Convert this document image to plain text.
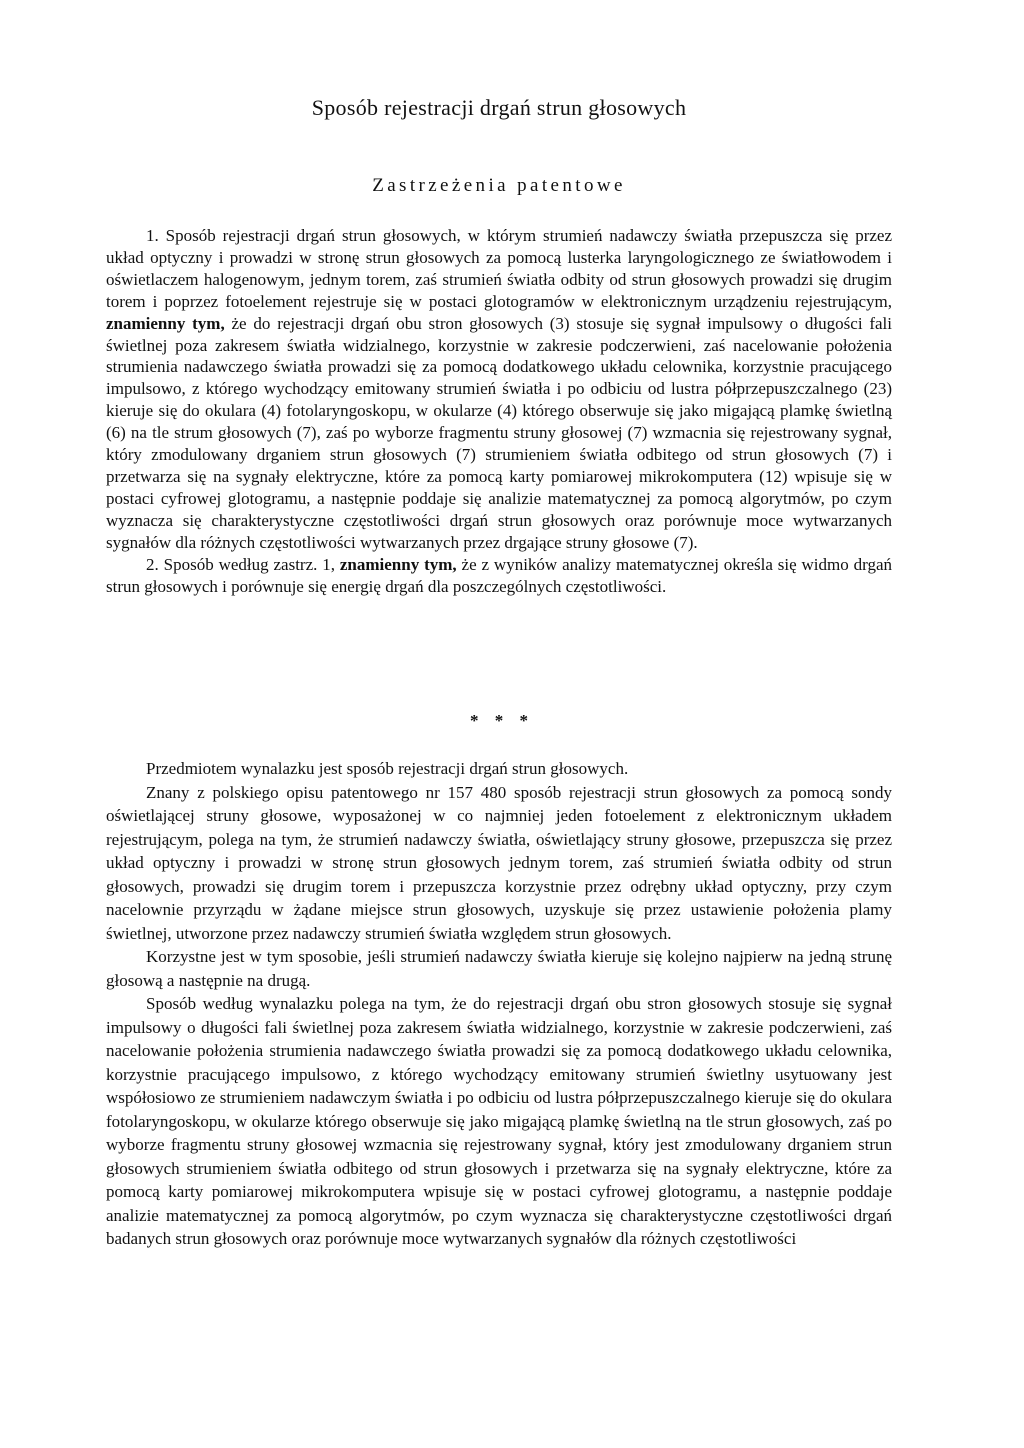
Sposób rejestracji drgań strun głosowych
Zastrzeżenia patentowe

1. Sposób rejestracji drgań strun głosowych, w którym strumień nadawczy światła przepuszcza się przez układ optyczny i prowadzi w stronę strun głosowych za pomocą lusterka laryngologicznego ze światłowodem i oświetlaczem halogenowym, jednym torem, zaś strumień światła odbity od strun głosowych prowadzi się drugim torem i poprzez fotoelement rejestruje się w postaci glotogramów w elektronicznym urządzeniu rejestrującym, znamienny tym, że do rejestracji drgań obu stron głosowych (3) stosuje się sygnał impulsowy o długości fali świetlnej poza zakresem światła widzialnego, korzystnie w zakresie podczerwieni, zaś nacelowanie położenia strumienia nadawczego światła prowadzi się za pomocą dodatkowego układu celownika, korzystnie pracującego impulsowo, z którego wychodzący emitowany strumień światła i po odbiciu od lustra półprzepuszczalnego (23) kieruje się do okulara (4) fotolaryngoskopu, w okularze (4) którego obserwuje się jako migającą plamkę świetlną (6) na tle strum głosowych (7), zaś po wyborze fragmentu struny głosowej (7) wzmacnia się rejestrowany sygnał, który zmodulowany drganiem strun głosowych (7) strumieniem światła odbitego od strun głosowych (7) i przetwarza się na sygnały elektryczne, które za pomocą karty pomiarowej mikrokomputera (12) wpisuje się w postaci cyfrowej glotogramu, a następnie poddaje się analizie matematycznej za pomocą algorytmów, po czym wyznacza się charakterystyczne częstotliwości drgań strun głosowych oraz porównuje moce wytwarzanych sygnałów dla różnych częstotliwości wytwarzanych przez drgające struny głosowe (7).

2. Sposób według zastrz. 1, znamienny tym, że z wyników analizy matematycznej określa się widmo drgań strun głosowych i porównuje się energię drgań dla poszczególnych częstotliwości.

* * *

Przedmiotem wynalazku jest sposób rejestracji drgań strun głosowych.

Znany z polskiego opisu patentowego nr 157 480 sposób rejestracji strun głosowych za pomocą sondy oświetlającej struny głosowe, wyposażonej w co najmniej jeden fotoelement z elektronicznym układem rejestrującym, polega na tym, że strumień nadawczy światła, oświetlający struny głosowe, przepuszcza się przez układ optyczny i prowadzi w stronę strun głosowych jednym torem, zaś strumień światła odbity od strun głosowych, prowadzi się drugim torem i przepuszcza korzystnie przez odrębny układ optyczny, przy czym nacelownie przyrządu w żądane miejsce strun głosowych, uzyskuje się przez ustawienie położenia plamy świetlnej, utworzone przez nadawczy strumień światła względem strun głosowych.

Korzystne jest w tym sposobie, jeśli strumień nadawczy światła kieruje się kolejno najpierw na jedną strunę głosową a następnie na drugą.

Sposób według wynalazku polega na tym, że do rejestracji drgań obu stron głosowych stosuje się sygnał impulsowy o długości fali świetlnej poza zakresem światła widzialnego, korzystnie w zakresie podczerwieni, zaś nacelowanie położenia strumienia nadawczego światła prowadzi się za pomocą dodatkowego układu celownika, korzystnie pracującego impulsowo, z którego wychodzący emitowany strumień świetlny usytuowany jest współosiowo ze strumieniem nadawczym światła i po odbiciu od lustra półprzepuszczalnego kieruje się do okulara fotolaryngoskopu, w okularze którego obserwuje się jako migającą plamkę świetlną na tle strun głosowych, zaś po wyborze fragmentu struny głosowej wzmacnia się rejestrowany sygnał, który jest zmodulowany drganiem strun głosowych strumieniem światła odbitego od strun głosowych i przetwarza się na sygnały elektryczne, które za pomocą karty pomiarowej mikrokomputera wpisuje się w postaci cyfrowej glotogramu, a następnie poddaje analizie matematycznej za pomocą algorytmów, po czym wyznacza się charakterystyczne częstotliwości drgań badanych strun głosowych oraz porównuje moce wytwarzanych sygnałów dla różnych częstotliwości
